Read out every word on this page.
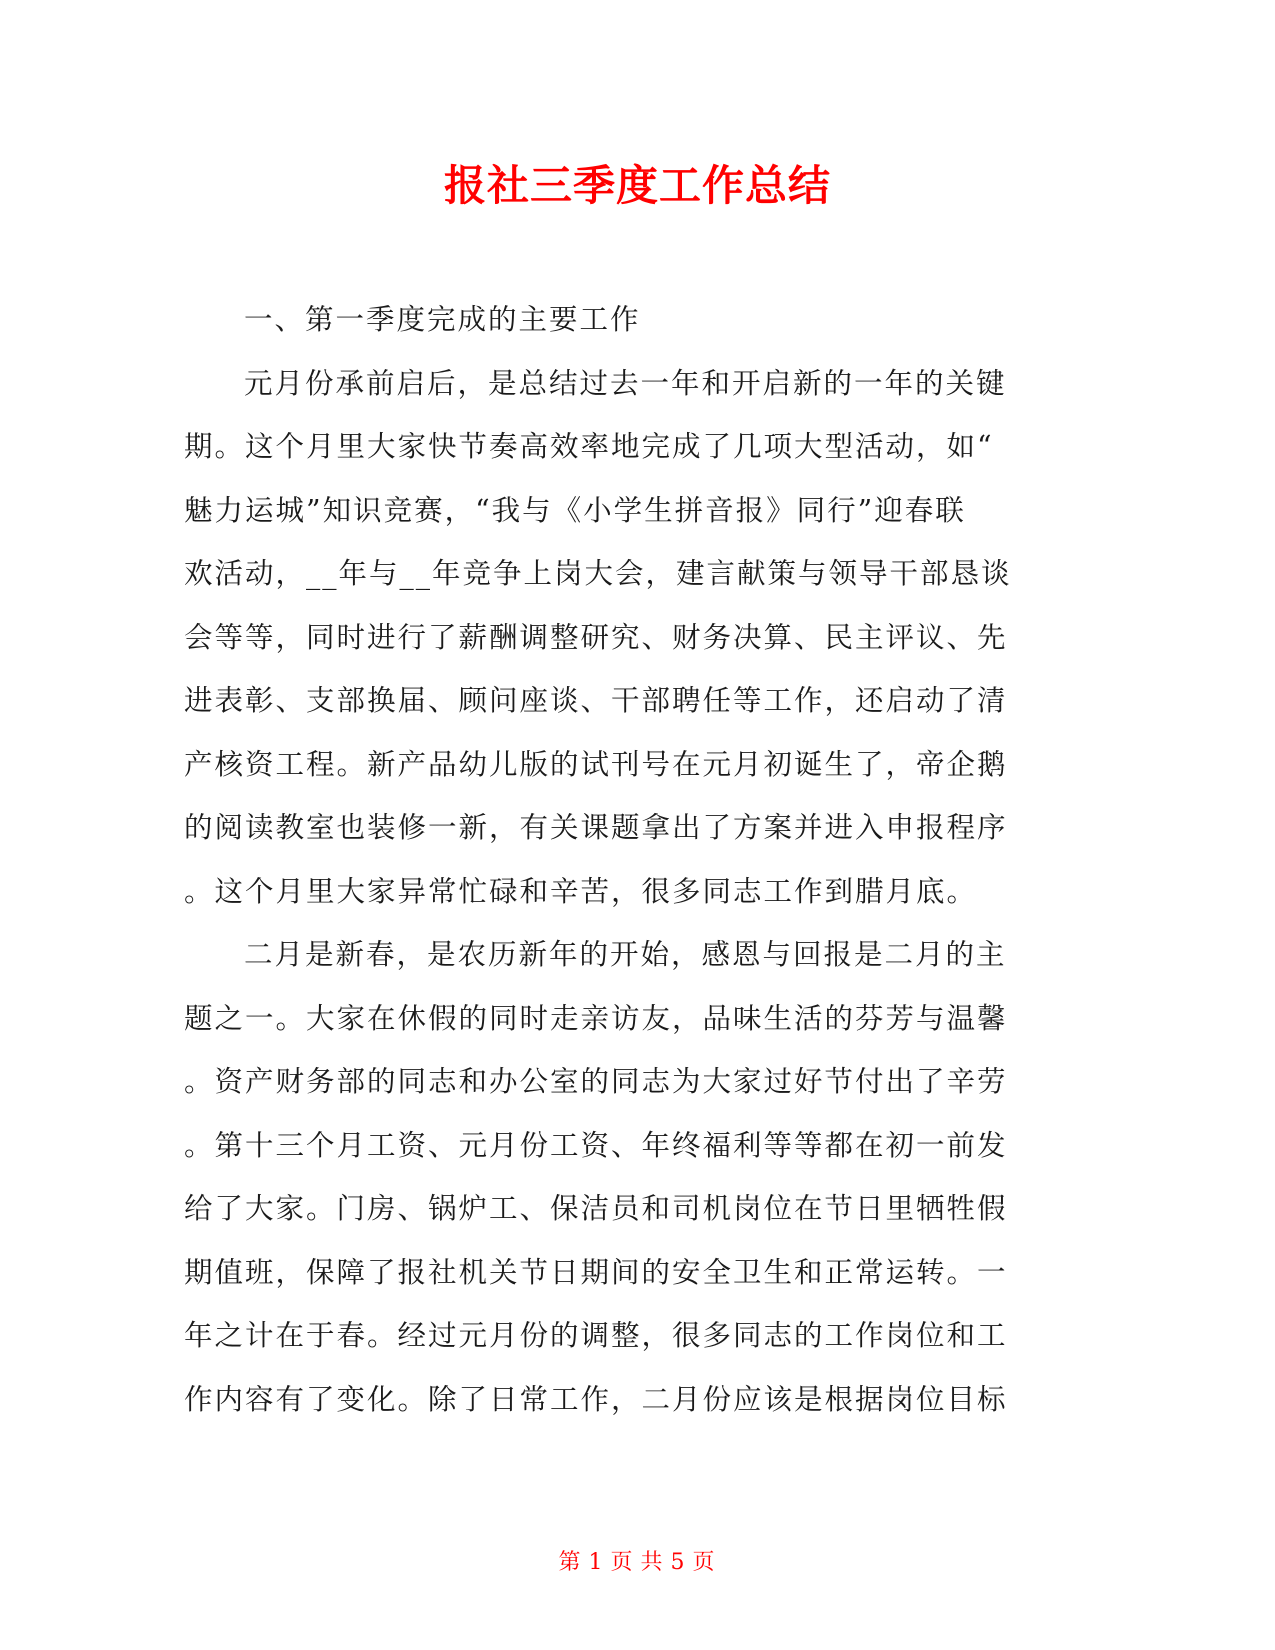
报社三季度工作总结
一、第一季度完成的主要工作
元月份承前启后，是总结过去一年和开启新的一年的关键
期。这个月里大家快节奏高效率地完成了几项大型活动，如“
魅力运城”知识竞赛，“我与《小学生拼音报》同行”迎春联
欢活动，__年与__年竞争上岗大会，建言献策与领导干部恳谈
会等等，同时进行了薪酬调整研究、财务决算、民主评议、先
进表彰、支部换届、顾问座谈、干部聘任等工作，还启动了清
产核资工程。新产品幼儿版的试刊号在元月初诞生了，帝企鹅
的阅读教室也装修一新，有关课题拿出了方案并进入申报程序
。这个月里大家异常忙碌和辛苦，很多同志工作到腊月底。
二月是新春，是农历新年的开始，感恩与回报是二月的主
题之一。大家在休假的同时走亲访友，品味生活的芬芳与温馨
。资产财务部的同志和办公室的同志为大家过好节付出了辛劳
。第十三个月工资、元月份工资、年终福利等等都在初一前发
给了大家。门房、锅炉工、保洁员和司机岗位在节日里牺牲假
期值班，保障了报社机关节日期间的安全卫生和正常运转。一
年之计在于春。经过元月份的调整，很多同志的工作岗位和工
作内容有了变化。除了日常工作，二月份应该是根据岗位目标
第 1 页 共 5 页
